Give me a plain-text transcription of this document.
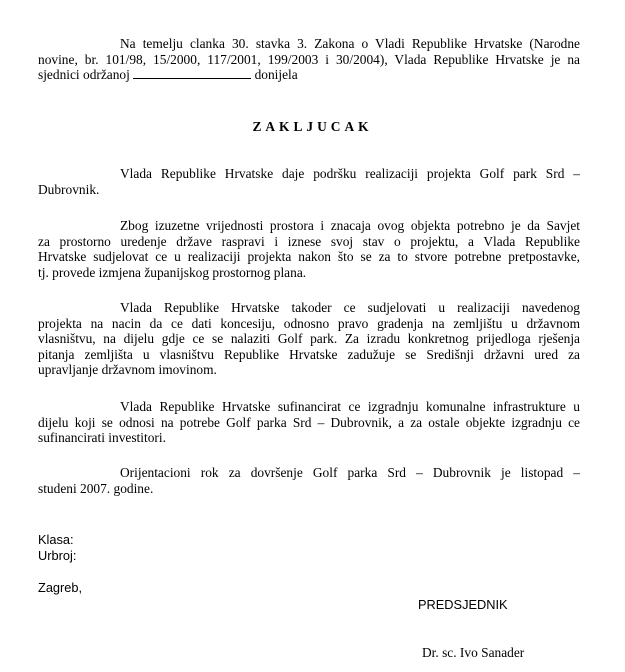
Na temelju clanka 30. stavka 3. Zakona o Vladi Republike Hrvatske (Narodne
novine, br. 101/98, 15/2000, 117/2001, 199/2003 i 30/2004), Vlada Republike Hrvatske je na
sjednici održanoj	donijela
ZAKLJUCAK
Vlada Republike Hrvatske daje podršku realizaciji projekta Golf park Srd –
Dubrovnik.
Zbog izuzetne vrijednosti prostora i znacaja ovog objekta potrebno je da Savjet
za prostorno uredenje države raspravi i iznese svoj stav o projektu, a Vlada Republike
Hrvatske sudjelovat ce u realizaciji projekta nakon što se za to stvore potrebne pretpostavke,
tj. provede izmjena županijskog prostornog plana.
Vlada Republike Hrvatske takoder ce sudjelovati u realizaciji navedenog
projekta na nacin da ce dati koncesiju, odnosno pravo gradenja na zemljištu u državnom
vlasništvu, na dijelu gdje ce se nalaziti Golf park. Za izradu konkretnog prijedloga rješenja
pitanja zemljišta u vlasništvu Republike Hrvatske zadužuje se Središnji državni ured za
upravljanje državnom imovinom.
Vlada Republike Hrvatske sufinancirat ce izgradnju komunalne infrastrukture u
dijelu koji se odnosi na potrebe Golf parka Srd – Dubrovnik, a za ostale objekte izgradnju ce
sufinancirati investitori.
Orijentacioni rok za dovršenje Golf parka Srd – Dubrovnik je listopad –
studeni 2007. godine.
Klasa:
Urbroj:
Zagreb,
PREDSJEDNIK
Dr. sc. Ivo Sanader
